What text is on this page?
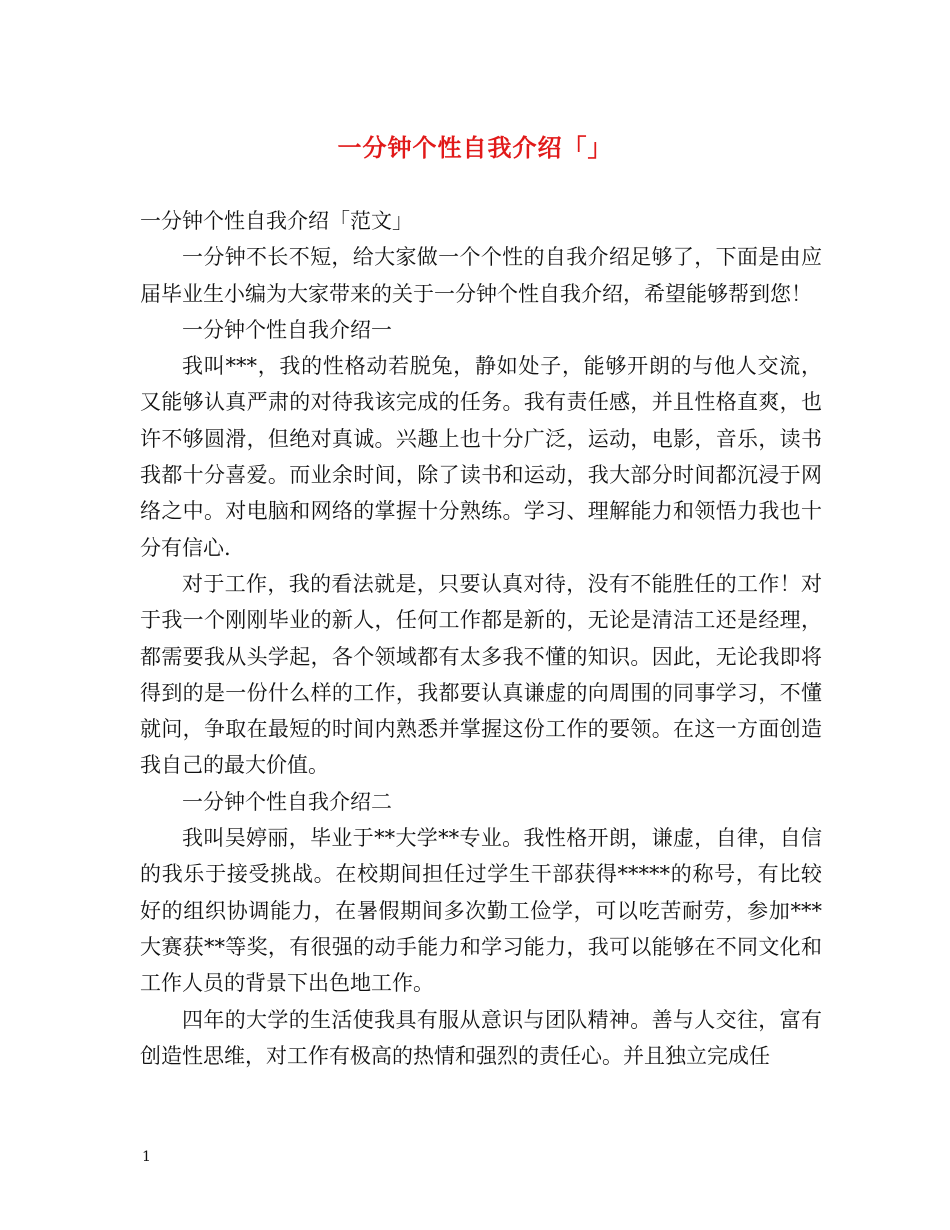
一分钟个性自我介绍「」

一分钟个性自我介绍「范文」

一分钟不长不短，给大家做一个个性的自我介绍足够了，下面是由应届毕业生小编为大家带来的关于一分钟个性自我介绍，希望能够帮到您！

一分钟个性自我介绍一

我叫***，我的性格动若脱兔，静如处子，能够开朗的与他人交流，又能够认真严肃的对待我该完成的任务。我有责任感，并且性格直爽，也许不够圆滑，但绝对真诚。兴趣上也十分广泛，运动，电影，音乐，读书我都十分喜爱。而业余时间，除了读书和运动，我大部分时间都沉浸于网络之中。对电脑和网络的掌握十分熟练。学习、理解能力和领悟力我也十分有信心.

对于工作，我的看法就是，只要认真对待，没有不能胜任的工作！对于我一个刚刚毕业的新人，任何工作都是新的，无论是清洁工还是经理，都需要我从头学起，各个领域都有太多我不懂的知识。因此，无论我即将得到的是一份什么样的工作，我都要认真谦虚的向周围的同事学习，不懂就问，争取在最短的时间内熟悉并掌握这份工作的要领。在这一方面创造我自己的最大价值。

一分钟个性自我介绍二

我叫吴婷丽，毕业于**大学**专业。我性格开朗，谦虚，自律，自信的我乐于接受挑战。在校期间担任过学生干部获得*****的称号，有比较好的组织协调能力，在暑假期间多次勤工俭学，可以吃苦耐劳，参加***大赛获**等奖，有很强的动手能力和学习能力，我可以能够在不同文化和工作人员的背景下出色地工作。

四年的大学的生活使我具有服从意识与团队精神。善与人交往，富有创造性思维，对工作有极高的热情和强烈的责任心。并且独立完成任

1
